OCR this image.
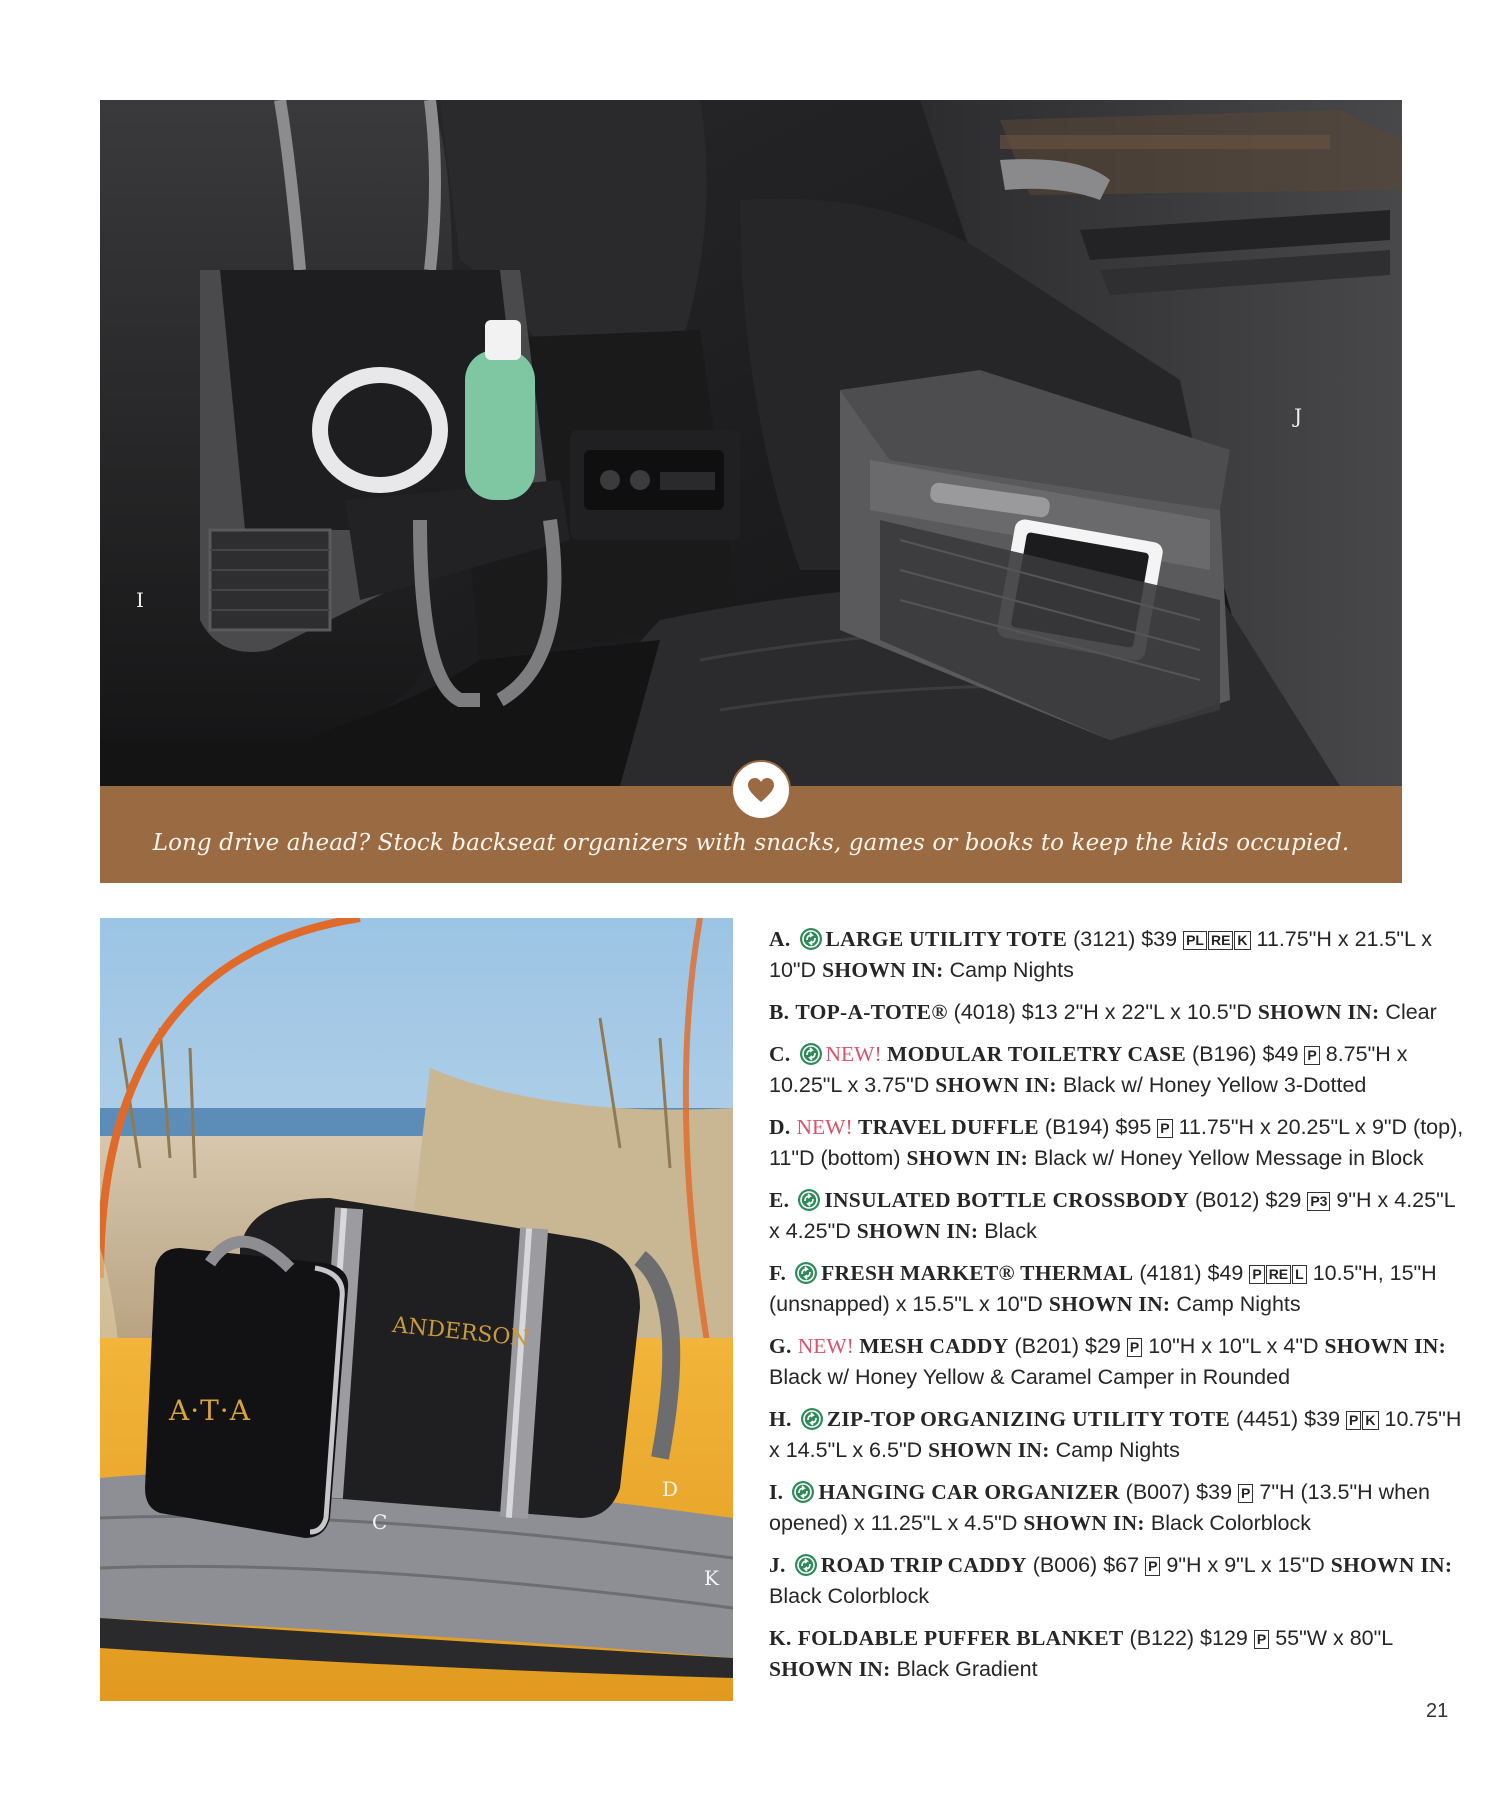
I
J
Long drive ahead? Stock backseat organizers with snacks, games or books to keep the kids occupied.
A·T·A
ANDERSON
C
D
K
A. LARGE UTILITY TOTE (3121) $39 PL RE K 11.75"H x 21.5"L x 10"D SHOWN IN: Camp Nights
B. TOP-A-TOTE® (4018) $13 2"H x 22"L x 10.5"D SHOWN IN: Clear
C. NEW! MODULAR TOILETRY CASE (B196) $49 P 8.75"H x 10.25"L x 3.75"D SHOWN IN: Black w/ Honey Yellow 3-Dotted
D. NEW! TRAVEL DUFFLE (B194) $95 P 11.75"H x 20.25"L x 9"D (top), 11"D (bottom) SHOWN IN: Black w/ Honey Yellow Message in Block
E. INSULATED BOTTLE CROSSBODY (B012) $29 P3 9"H x 4.25"L x 4.25"D SHOWN IN: Black
F. FRESH MARKET® THERMAL (4181) $49 P RE L 10.5"H, 15"H (unsnapped) x 15.5"L x 10"D SHOWN IN: Camp Nights
G. NEW! MESH CADDY (B201) $29 P 10"H x 10"L x 4"D SHOWN IN: Black w/ Honey Yellow & Caramel Camper in Rounded
H. ZIP-TOP ORGANIZING UTILITY TOTE (4451) $39 P K 10.75"H x 14.5"L x 6.5"D SHOWN IN: Camp Nights
I. HANGING CAR ORGANIZER (B007) $39 P 7"H (13.5"H when opened) x 11.25"L x 4.5"D SHOWN IN: Black Colorblock
J. ROAD TRIP CADDY (B006) $67 P 9"H x 9"L x 15"D SHOWN IN: Black Colorblock
K. FOLDABLE PUFFER BLANKET (B122) $129 P 55"W x 80"L SHOWN IN: Black Gradient
21
